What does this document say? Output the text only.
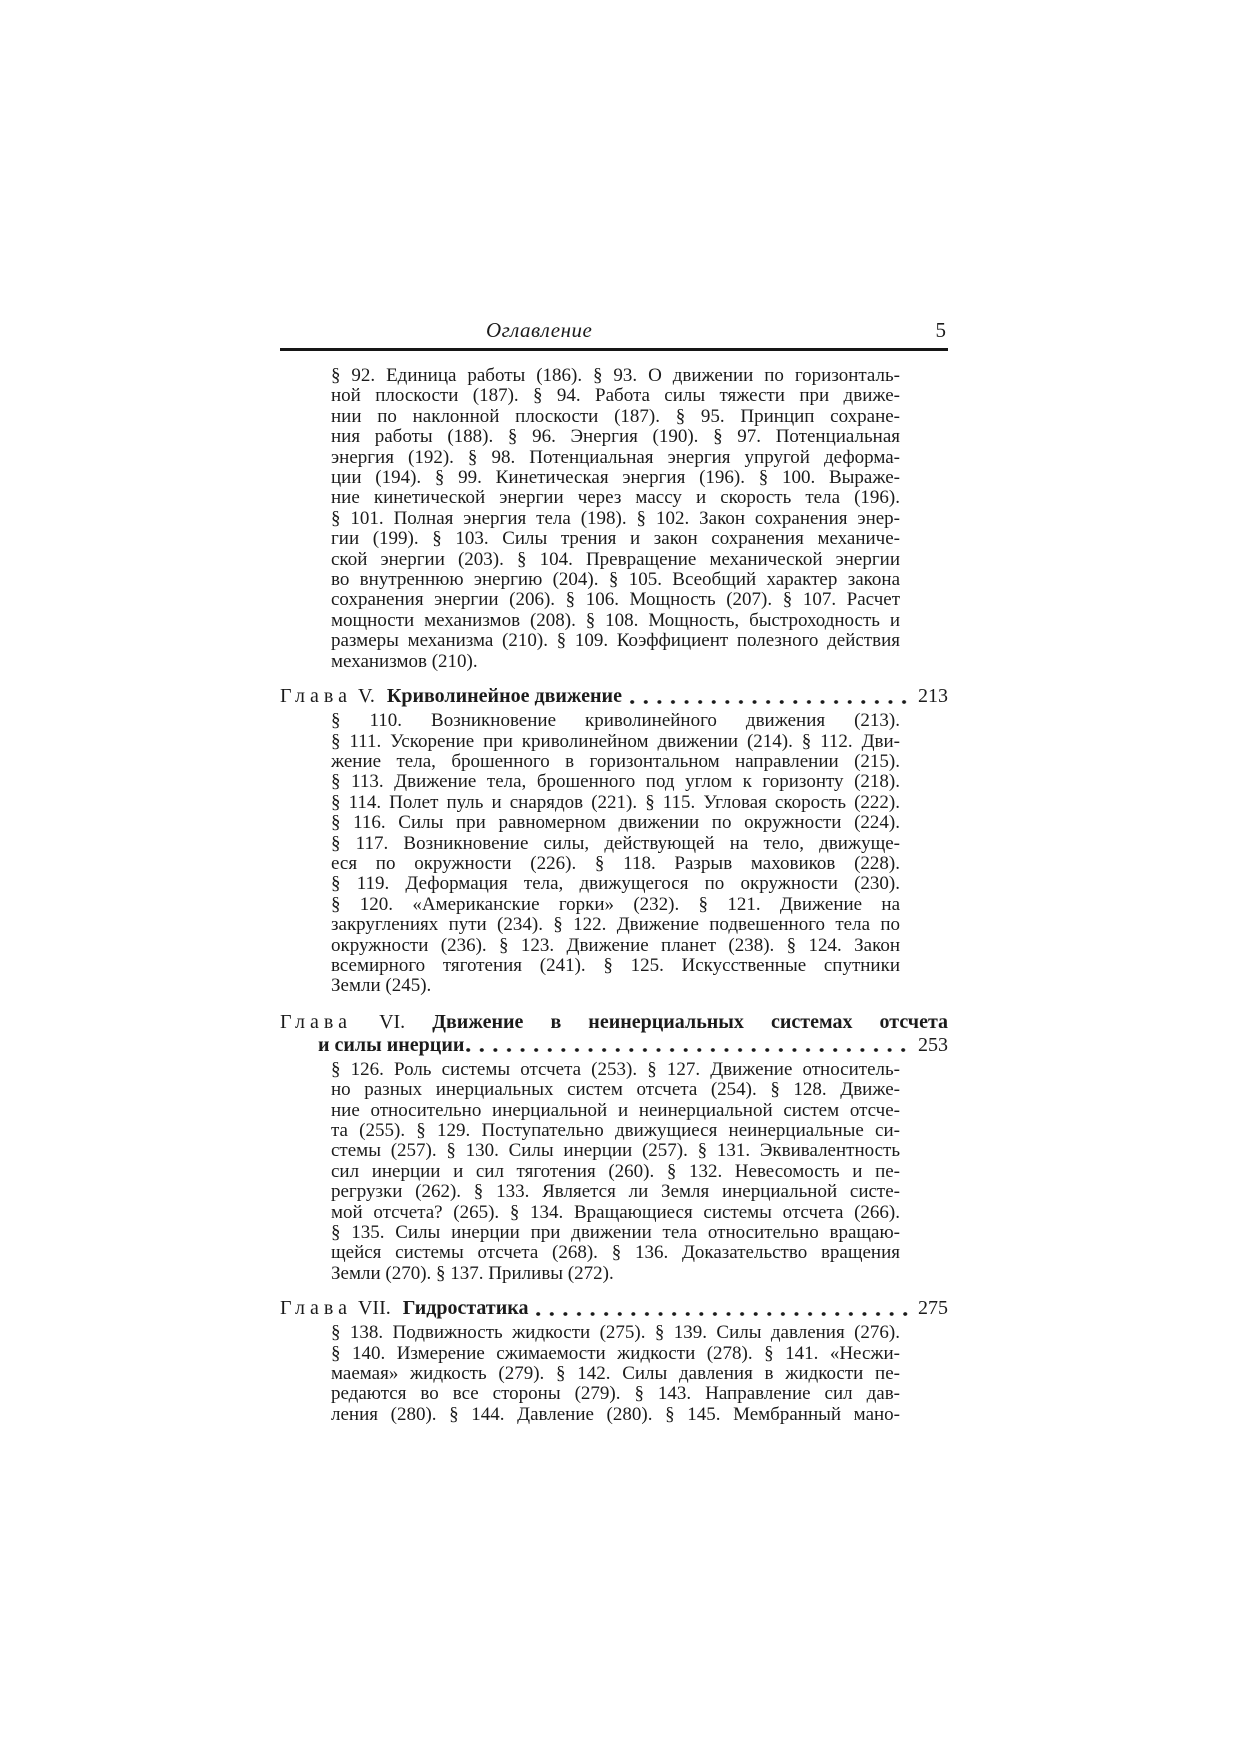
Оглавление	5
§ 92. Единица работы (186). § 93. О движении по горизонталь-
ной плоскости (187). § 94. Работа силы тяжести при движе-
нии по наклонной плоскости (187). § 95. Принцип сохране-
ния работы (188). § 96. Энергия (190). § 97. Потенциальная
энергия (192). § 98. Потенциальная энергия упругой деформа-
ции (194). § 99. Кинетическая энергия (196). § 100. Выраже-
ние кинетической энергии через массу и скорость тела (196).
§ 101. Полная энергия тела (198). § 102. Закон сохранения энер-
гии (199). § 103. Силы трения и закон сохранения механиче-
ской энергии (203). § 104. Превращение механической энергии
во внутреннюю энергию (204). § 105. Всеобщий характер закона
сохранения энергии (206). § 106. Мощность (207). § 107. Расчет
мощности механизмов (208). § 108. Мощность, быстроходность и
размеры механизма (210). § 109. Коэффициент полезного действия
механизмов (210).
Глава V. Криволинейное движение	213
§ 110. Возникновение криволинейного движения (213).
§ 111. Ускорение при криволинейном движении (214). § 112. Дви-
жение тела, брошенного в горизонтальном направлении (215).
§ 113. Движение тела, брошенного под углом к горизонту (218).
§ 114. Полет пуль и снарядов (221). § 115. Угловая скорость (222).
§ 116. Силы при равномерном движении по окружности (224).
§ 117. Возникновение силы, действующей на тело, движуще-
еся по окружности (226). § 118. Разрыв маховиков (228).
§ 119. Деформация тела, движущегося по окружности (230).
§ 120. «Американские горки» (232). § 121. Движение на
закруглениях пути (234). § 122. Движение подвешенного тела по
окружности (236). § 123. Движение планет (238). § 124. Закон
всемирного тяготения (241). § 125. Искусственные спутники
Земли (245).
Глава VI. Движение в неинерциальных системах отсчета
и силы инерции	253
§ 126. Роль системы отсчета (253). § 127. Движение относитель-
но разных инерциальных систем отсчета (254). § 128. Движе-
ние относительно инерциальной и неинерциальной систем отсче-
та (255). § 129. Поступательно движущиеся неинерциальные си-
стемы (257). § 130. Силы инерции (257). § 131. Эквивалентность
сил инерции и сил тяготения (260). § 132. Невесомость и пе-
регрузки (262). § 133. Является ли Земля инерциальной систе-
мой отсчета? (265). § 134. Вращающиеся системы отсчета (266).
§ 135. Силы инерции при движении тела относительно вращаю-
щейся системы отсчета (268). § 136. Доказательство вращения
Земли (270). § 137. Приливы (272).
Глава VII. Гидростатика	275
§ 138. Подвижность жидкости (275). § 139. Силы давления (276).
§ 140. Измерение сжимаемости жидкости (278). § 141. «Несжи-
маемая» жидкость (279). § 142. Силы давления в жидкости пе-
редаются во все стороны (279). § 143. Направление сил дав-
ления (280). § 144. Давление (280). § 145. Мембранный мано-
